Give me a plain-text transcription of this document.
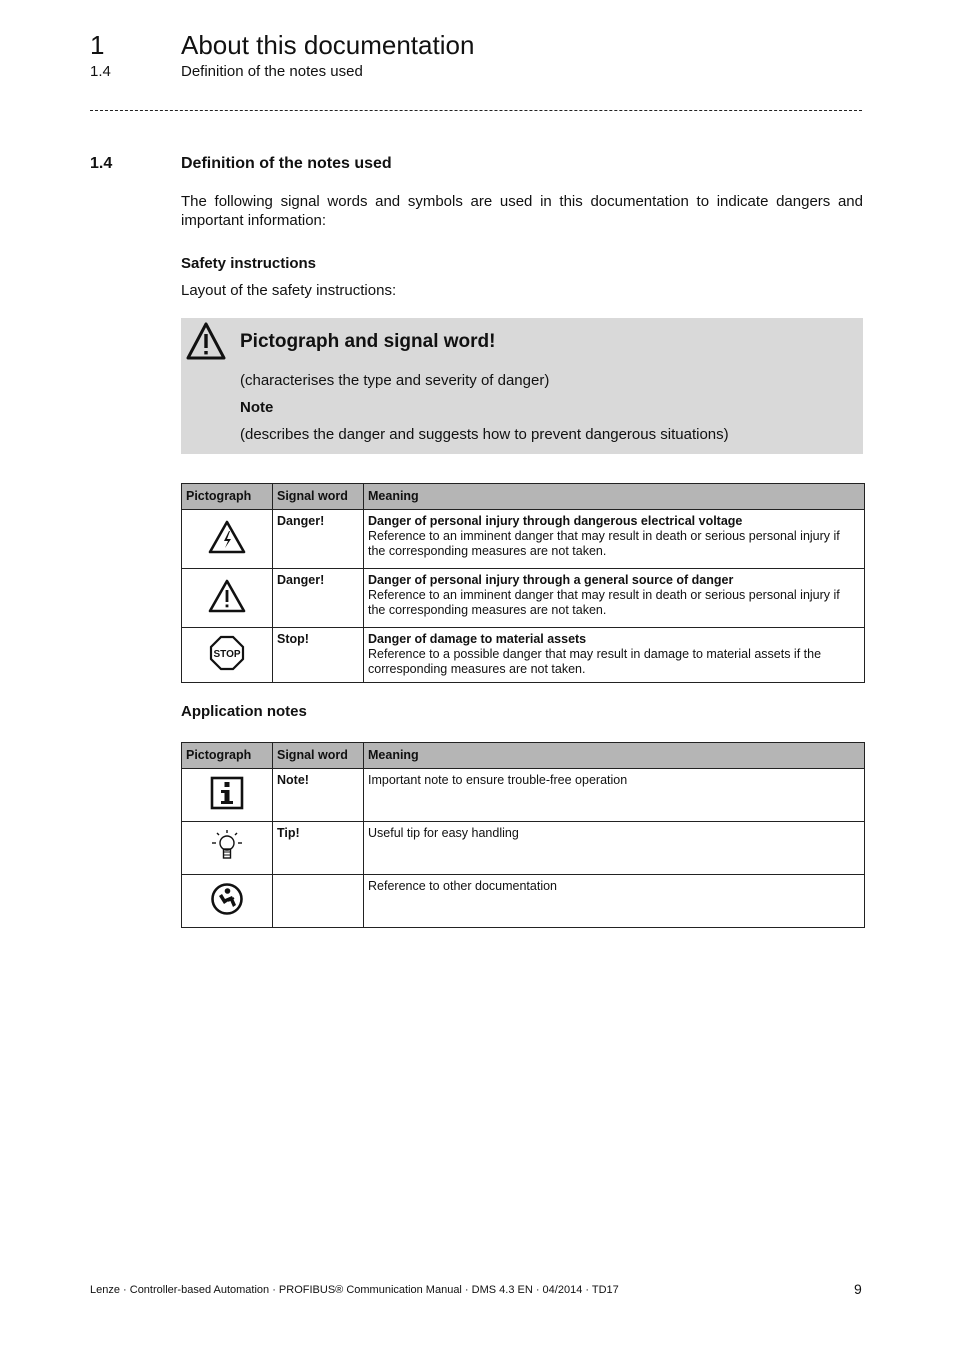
1	About this documentation
1.4	Definition of the notes used
1.4	Definition of the notes used
The following signal words and symbols are used in this documentation to indicate dangers and important information:
Safety instructions
Layout of the safety instructions:
Pictograph and signal word!
(characterises the type and severity of danger)
Note
(describes the danger and suggests how to prevent dangerous situations)
Pictograph	Signal word	Meaning
	Danger!	Danger of personal injury through dangerous electrical voltage
Reference to an imminent danger that may result in death or serious personal injury if the corresponding measures are not taken.

	Danger!	Danger of personal injury through a general source of danger
Reference to an imminent danger that may result in death or serious personal injury if the corresponding measures are not taken.

STOP	Stop!	Danger of damage to material assets
Reference to a possible danger that may result in damage to material assets if the corresponding measures are not taken.
Application notes
Pictograph	Signal word	Meaning
	Note!	Important note to ensure trouble-free operation
	Tip!	Useful tip for easy handling
		Reference to other documentation
Lenze · Controller-based Automation · PROFIBUS® Communication Manual · DMS 4.3 EN · 04/2014 · TD17	9
